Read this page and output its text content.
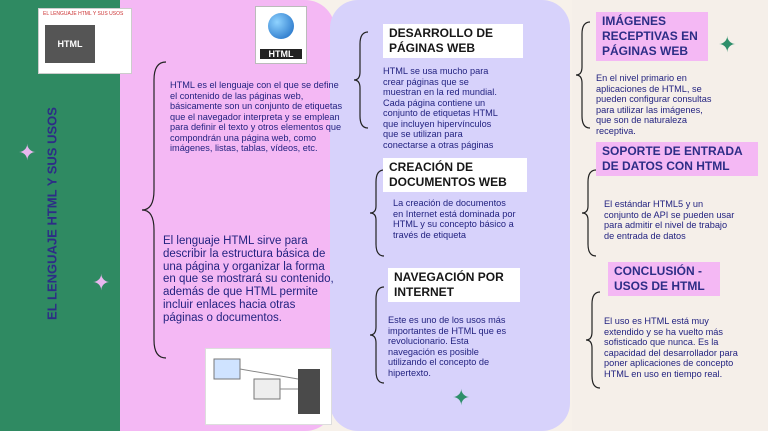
EL LENGUAJE HTML Y SUS USOS
EL LENGUAJE HTML Y SUS USOS
HTML
HTML
✦
✦
✦
✦
HTML es el lenguaje con el que se define el contenido de las páginas web, básicamente son un conjunto de etiquetas que el navegador interpreta y se emplean para definir el texto y otros elementos que compondrán una página web, como imágenes, listas, tablas, vídeos, etc.
El lenguaje HTML sirve para describir la estructura básica de una página y organizar la forma en que se mostrará su contenido, además de que HTML permite incluir enlaces hacia otras páginas o documentos.
DESARROLLO DE PÁGINAS WEB
HTML se usa mucho para crear páginas que se muestran en la red mundial. Cada página contiene un conjunto de etiquetas HTML que incluyen hipervínculos que se utilizan para conectarse a otras páginas
CREACIÓN DE DOCUMENTOS WEB
La creación de documentos en Internet está dominada por HTML y su concepto básico a través de etiqueta
NAVEGACIÓN POR INTERNET
Este es uno de los usos más importantes de HTML que es revolucionario. Esta navegación es posible utilizando el concepto de hipertexto.
IMÁGENES RECEPTIVAS EN PÁGINAS WEB
En el nivel primario en aplicaciones de HTML, se pueden configurar consultas para utilizar las imágenes, que son de naturaleza receptiva.
SOPORTE DE ENTRADA DE DATOS CON HTML
El estándar HTML5 y un conjunto de API se pueden usar para admitir el nivel de trabajo de entrada de datos
CONCLUSIÓN - USOS DE HTML
El uso es HTML está muy extendido y se ha vuelto más sofisticado que nunca. Es la capacidad del desarrollador para poner aplicaciones de concepto HTML en uso en tiempo real.
